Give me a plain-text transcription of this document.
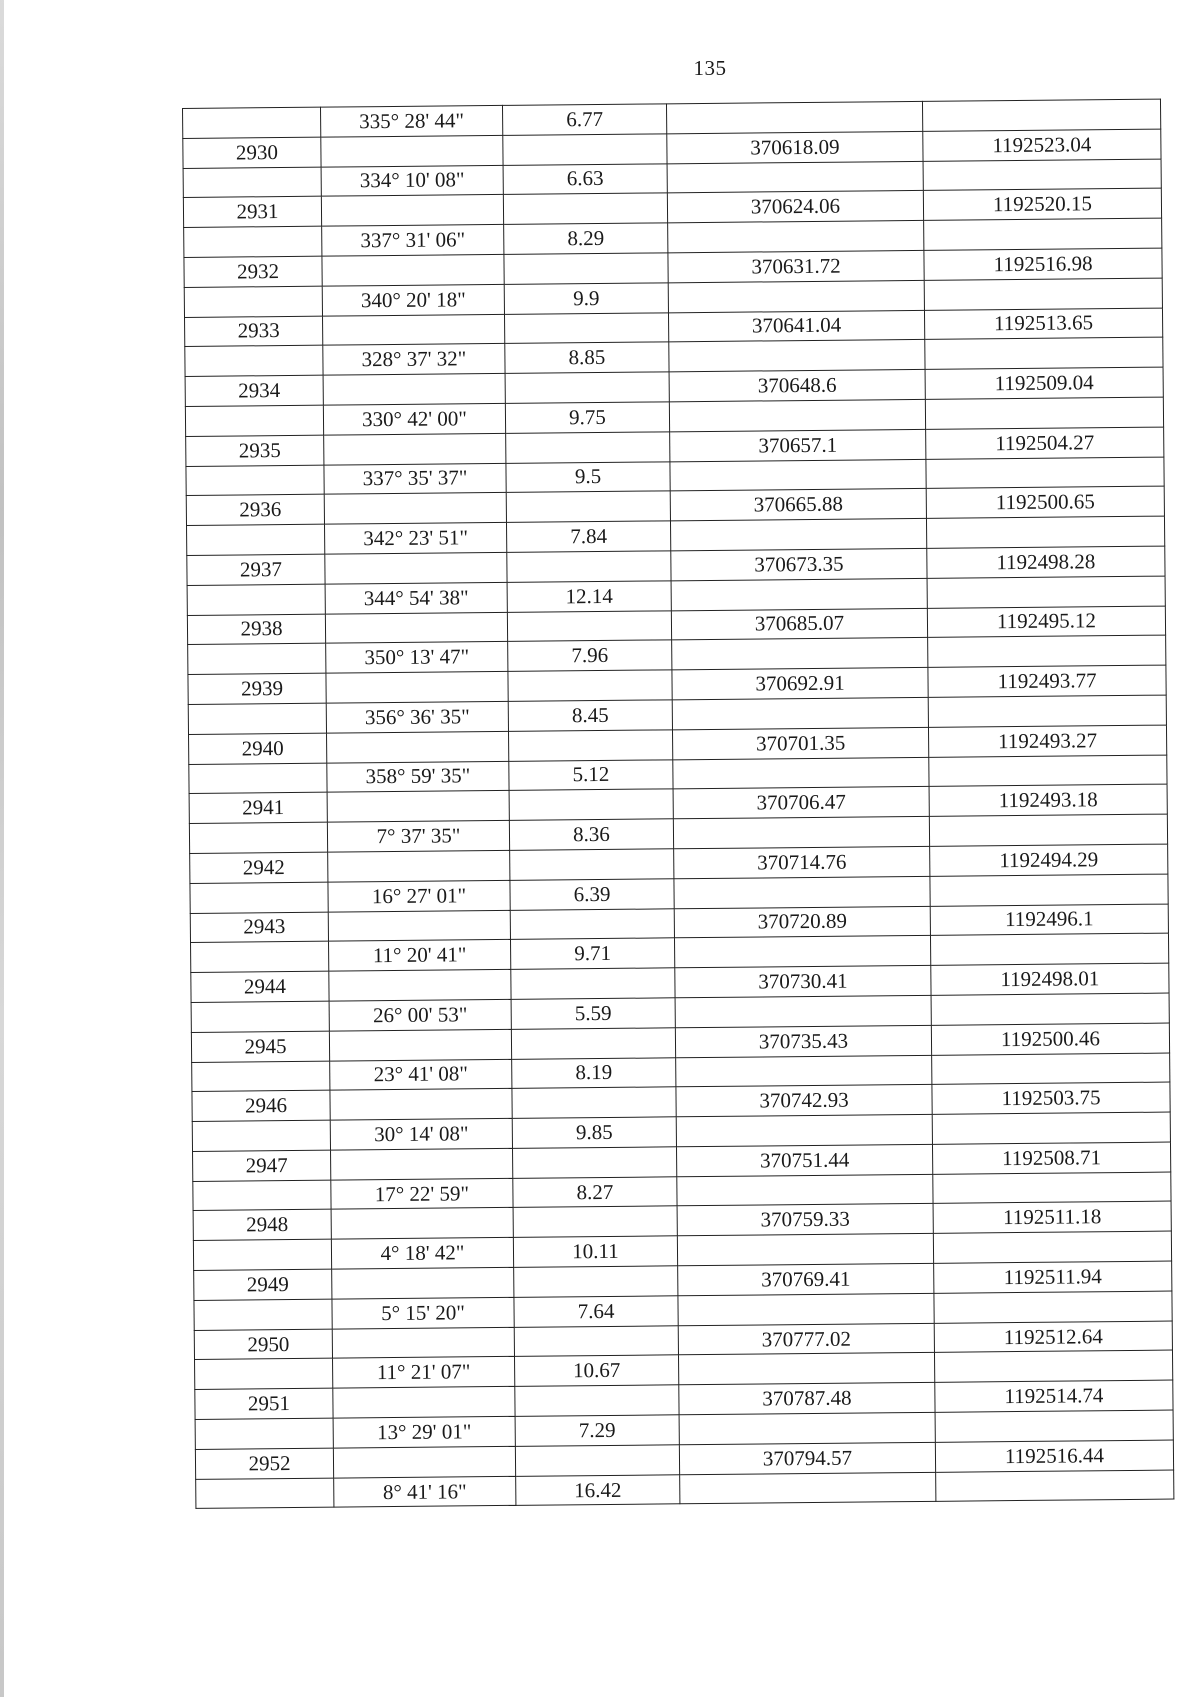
135
	335° 28' 44"	6.77		
2930			370618.09	1192523.04
	334° 10' 08"	6.63		
2931			370624.06	1192520.15
	337° 31' 06"	8.29		
2932			370631.72	1192516.98
	340° 20' 18"	9.9		
2933			370641.04	1192513.65
	328° 37' 32"	8.85		
2934			370648.6	1192509.04
	330° 42' 00"	9.75		
2935			370657.1	1192504.27
	337° 35' 37"	9.5		
2936			370665.88	1192500.65
	342° 23' 51"	7.84		
2937			370673.35	1192498.28
	344° 54' 38"	12.14		
2938			370685.07	1192495.12
	350° 13' 47"	7.96		
2939			370692.91	1192493.77
	356° 36' 35"	8.45		
2940			370701.35	1192493.27
	358° 59' 35"	5.12		
2941			370706.47	1192493.18
	7° 37' 35"	8.36		
2942			370714.76	1192494.29
	16° 27' 01"	6.39		
2943			370720.89	1192496.1
	11° 20' 41"	9.71		
2944			370730.41	1192498.01
	26° 00' 53"	5.59		
2945			370735.43	1192500.46
	23° 41' 08"	8.19		
2946			370742.93	1192503.75
	30° 14' 08"	9.85		
2947			370751.44	1192508.71
	17° 22' 59"	8.27		
2948			370759.33	1192511.18
	4° 18' 42"	10.11		
2949			370769.41	1192511.94
	5° 15' 20"	7.64		
2950			370777.02	1192512.64
	11° 21' 07"	10.67		
2951			370787.48	1192514.74
	13° 29' 01"	7.29		
2952			370794.57	1192516.44
	8° 41' 16"	16.42		
